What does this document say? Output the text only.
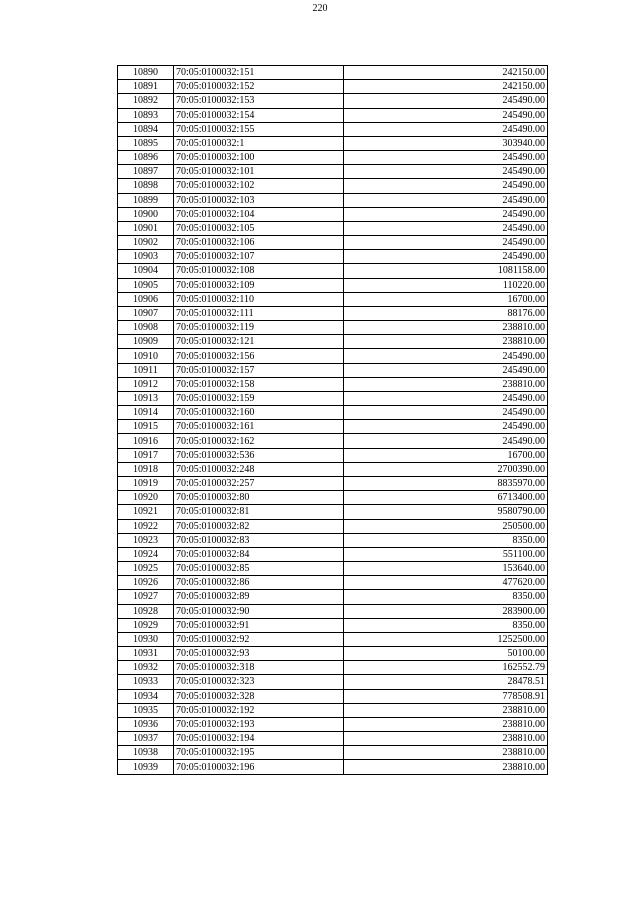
220
10890	70:05:0100032:151	242150.00
10891	70:05:0100032:152	242150.00
10892	70:05:0100032:153	245490.00
10893	70:05:0100032:154	245490.00
10894	70:05:0100032:155	245490.00
10895	70:05:0100032:1	303940.00
10896	70:05:0100032:100	245490.00
10897	70:05:0100032:101	245490.00
10898	70:05:0100032:102	245490.00
10899	70:05:0100032:103	245490.00
10900	70:05:0100032:104	245490.00
10901	70:05:0100032:105	245490.00
10902	70:05:0100032:106	245490.00
10903	70:05:0100032:107	245490.00
10904	70:05:0100032:108	1081158.00
10905	70:05:0100032:109	110220.00
10906	70:05:0100032:110	16700.00
10907	70:05:0100032:111	88176.00
10908	70:05:0100032:119	238810.00
10909	70:05:0100032:121	238810.00
10910	70:05:0100032:156	245490.00
10911	70:05:0100032:157	245490.00
10912	70:05:0100032:158	238810.00
10913	70:05:0100032:159	245490.00
10914	70:05:0100032:160	245490.00
10915	70:05:0100032:161	245490.00
10916	70:05:0100032:162	245490.00
10917	70:05:0100032:536	16700.00
10918	70:05:0100032:248	2700390.00
10919	70:05:0100032:257	8835970.00
10920	70:05:0100032:80	6713400.00
10921	70:05:0100032:81	9580790.00
10922	70:05:0100032:82	250500.00
10923	70:05:0100032:83	8350.00
10924	70:05:0100032:84	551100.00
10925	70:05:0100032:85	153640.00
10926	70:05:0100032:86	477620.00
10927	70:05:0100032:89	8350.00
10928	70:05:0100032:90	283900.00
10929	70:05:0100032:91	8350.00
10930	70:05:0100032:92	1252500.00
10931	70:05:0100032:93	50100.00
10932	70:05:0100032:318	162552.79
10933	70:05:0100032:323	28478.51
10934	70:05:0100032:328	778508.91
10935	70:05:0100032:192	238810.00
10936	70:05:0100032:193	238810.00
10937	70:05:0100032:194	238810.00
10938	70:05:0100032:195	238810.00
10939	70:05:0100032:196	238810.00
